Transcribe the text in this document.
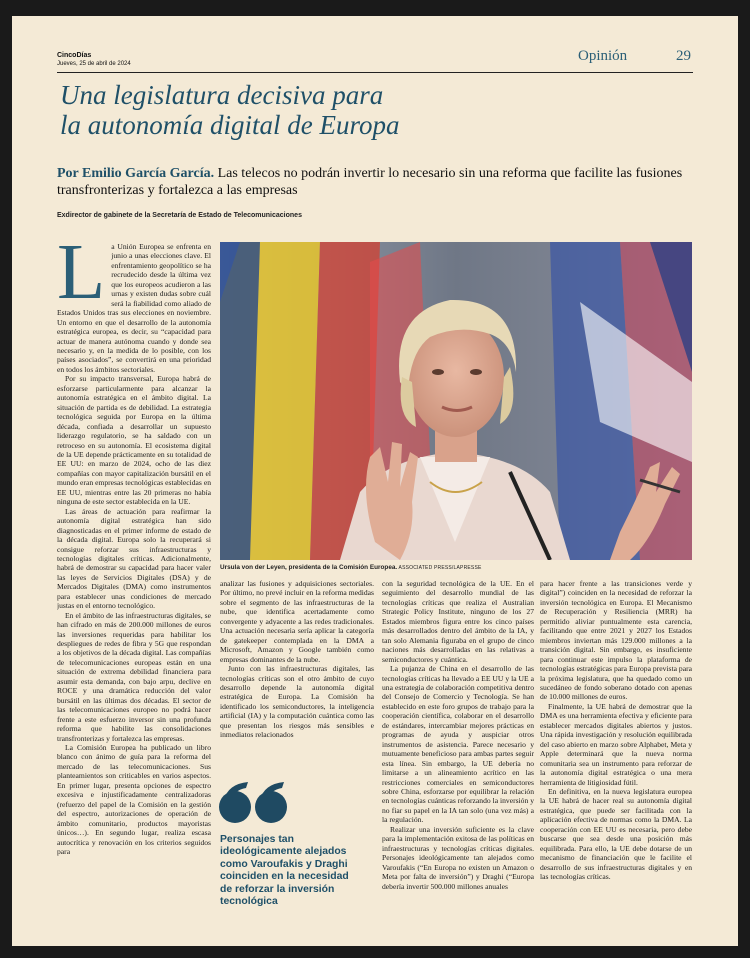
CincoDías
Jueves, 25 de abril de 2024	Opinión	29
Una legislatura decisiva para
la autonomía digital de Europa
Por Emilio García García. Las telecos no podrán invertir lo necesario sin una reforma que facilite las fusiones transfronterizas y fortalezca a las empresas
Exdirector de gabinete de la Secretaría de Estado de Telecomunicaciones

La Unión Europea se enfrenta en junio a unas elecciones clave. El enfrentamiento geopolítico se ha recrudecido desde la última vez que los europeos acudieron a las urnas y existen dudas sobre cuál será la fiabilidad como aliado de Estados Unidos tras sus elecciones en noviembre. Un entorno en que el desarrollo de la autonomía estratégica europea, es decir, su “capacidad para actuar de manera autónoma cuando y donde sea necesario y, en la medida de lo posible, con los países asociados”, se convertirá en una prioridad en todos los ámbitos sectoriales.

Por su impacto transversal, Europa habrá de esforzarse particularmente para alcanzar la autonomía estratégica en el ámbito digital. La situación de partida es de debilidad. La estrategia tecnológica seguida por Europa en la última década, confiada a desarrollar un supuesto liderazgo regulatorio, se ha saldado con un retroceso en su autonomía. El ecosistema digital de la UE depende prácticamente en su totalidad de EE UU: en marzo de 2024, ocho de las diez compañías con mayor capitalización bursátil en el mundo eran empresas tecnológicas establecidas en EE UU, mientras entre las 20 primeras no había ninguna de este sector establecida en la UE.

Las áreas de actuación para reafirmar la autonomía digital estratégica han sido diagnosticadas en el primer informe de estado de la década digital. Europa solo la recuperará si consigue reforzar sus infraestructuras y tecnologías digitales críticas. Adicionalmente, habrá de demostrar su capacidad para hacer valer las leyes de Servicios Digitales (DSA) y de Mercados Digitales (DMA) como instrumentos para establecer unas condiciones de mercado justas en el entorno tecnológico.

En el ámbito de las infraestructuras digitales, se han cifrado en más de 200.000 millones de euros las inversiones requeridas para habilitar los despliegues de redes de fibra y 5G que respondan a los objetivos de la década digital. Las compañías de telecomunicaciones europeas están en una situación de extrema debilidad financiera para asumir esta demanda, con bajo arpu, declive en ROCE y una dramática reducción del valor bursátil en las últimas dos décadas. El sector de las telecomunicaciones europeo no podrá hacer frente a este esfuerzo inversor sin una profunda reforma que habilite las consolidaciones transfronterizas y fortalezca las empresas.

La Comisión Europea ha publicado un libro blanco con ánimo de guía para la reforma del mercado de las telecomunicaciones. Sus planteamientos son criticables en varios aspectos. En primer lugar, presenta opciones de espectro excesiva e injustificadamente centralizadoras (refuerzo del papel de la Comisión en la gestión del espectro, autorizaciones de operación de ámbito comunitario, productos mayoristas únicos…). En segundo lugar, realiza escasa autocrítica y renovación en los criterios seguidos para

Ursula von der Leyen, presidenta de la Comisión Europea. ASSOCIATED PRESS/LAPRESSE

analizar las fusiones y adquisiciones sectoriales. Por último, no prevé incluir en la reforma medidas sobre el segmento de las infraestructuras de la nube, que identifica acertadamente como convergente y adyacente a las redes tradicionales. Una actuación necesaria sería aplicar la categoría de gatekeeper contemplada en la DMA a Microsoft, Amazon y Google también como empresas dominantes de la nube.

Junto con las infraestructuras digitales, las tecnologías críticas son el otro ámbito de cuyo desarrollo depende la autonomía digital estratégica de Europa. La Comisión ha identificado los semiconductores, la inteligencia artificial (IA) y la computación cuántica como las que presentan los riesgos más sensibles e inmediatos relacionados

Personajes tan ideológicamente alejados como Varoufakis y Draghi coinciden en la necesidad de reforzar la inversión tecnológica

con la seguridad tecnológica de la UE. En el seguimiento del desarrollo mundial de las tecnologías críticas que realiza el Australian Strategic Policy Institute, ninguno de los 27 Estados miembros figura entre los cinco países más desarrollados dentro del ámbito de la IA, y tan solo Alemania figuraba en el grupo de cinco naciones más desarrolladas en las relativas a semiconductores y cuántica.

La pujanza de China en el desarrollo de las tecnologías críticas ha llevado a EE UU y la UE a una estrategia de colaboración competitiva dentro del Consejo de Comercio y Tecnología. Se han establecido en este foro grupos de trabajo para la cooperación científica, colaborar en el desarrollo de estándares, intercambiar mejores prácticas en programas de ayuda y auspiciar otros instrumentos de asistencia. Parece necesario y mutuamente beneficioso para ambas partes seguir esta línea. Sin embargo, la UE debería no limitarse a un alineamiento acrítico en las restricciones comerciales en semiconductores sobre China, esforzarse por equilibrar la relación en tecnologías cuánticas reforzando la inversión y no fiar su papel en la IA tan solo (una vez más) a la regulación.

Realizar una inversión suficiente es la clave para la implementación exitosa de las políticas en infraestructuras y tecnologías críticas digitales. Personajes ideológicamente tan alejados como Varoufakis (“En Europa no existen un Amazon o Meta por falta de inversión”) y Draghi (“Europa debería invertir 500.000 millones anuales

para hacer frente a las transiciones verde y digital”) coinciden en la necesidad de reforzar la inversión tecnológica en Europa. El Mecanismo de Recuperación y Resiliencia (MRR) ha permitido aliviar puntualmente esta carencia, facilitando que entre 2021 y 2027 los Estados miembros inviertan más 129.000 millones a la transición digital. Sin embargo, es insuficiente para continuar este impulso la plataforma de tecnologías estratégicas para Europa prevista para la próxima legislatura, que ha quedado como un sucedáneo de fondo soberano dotado con apenas de 10.000 millones de euros.

Finalmente, la UE habrá de demostrar que la DMA es una herramienta efectiva y eficiente para establecer mercados digitales abiertos y justos. Una rápida investigación y resolución equilibrada del caso abierto en marzo sobre Alphabet, Meta y Apple determinará que la nueva norma comunitaria sea un instrumento para reforzar de la autonomía digital estratégica o una mera herramienta de litigiosidad fútil.

En definitiva, en la nueva legislatura europea la UE habrá de hacer real su autonomía digital estratégica, que puede ser facilitada con la aplicación efectiva de normas como la DMA. La cooperación con EE UU es necesaria, pero debe buscarse que sea desde una posición más equilibrada. Para ello, la UE debe dotarse de un mecanismo de financiación que le facilite el desarrollo de sus infraestructuras digitales y en las tecnologías críticas.
